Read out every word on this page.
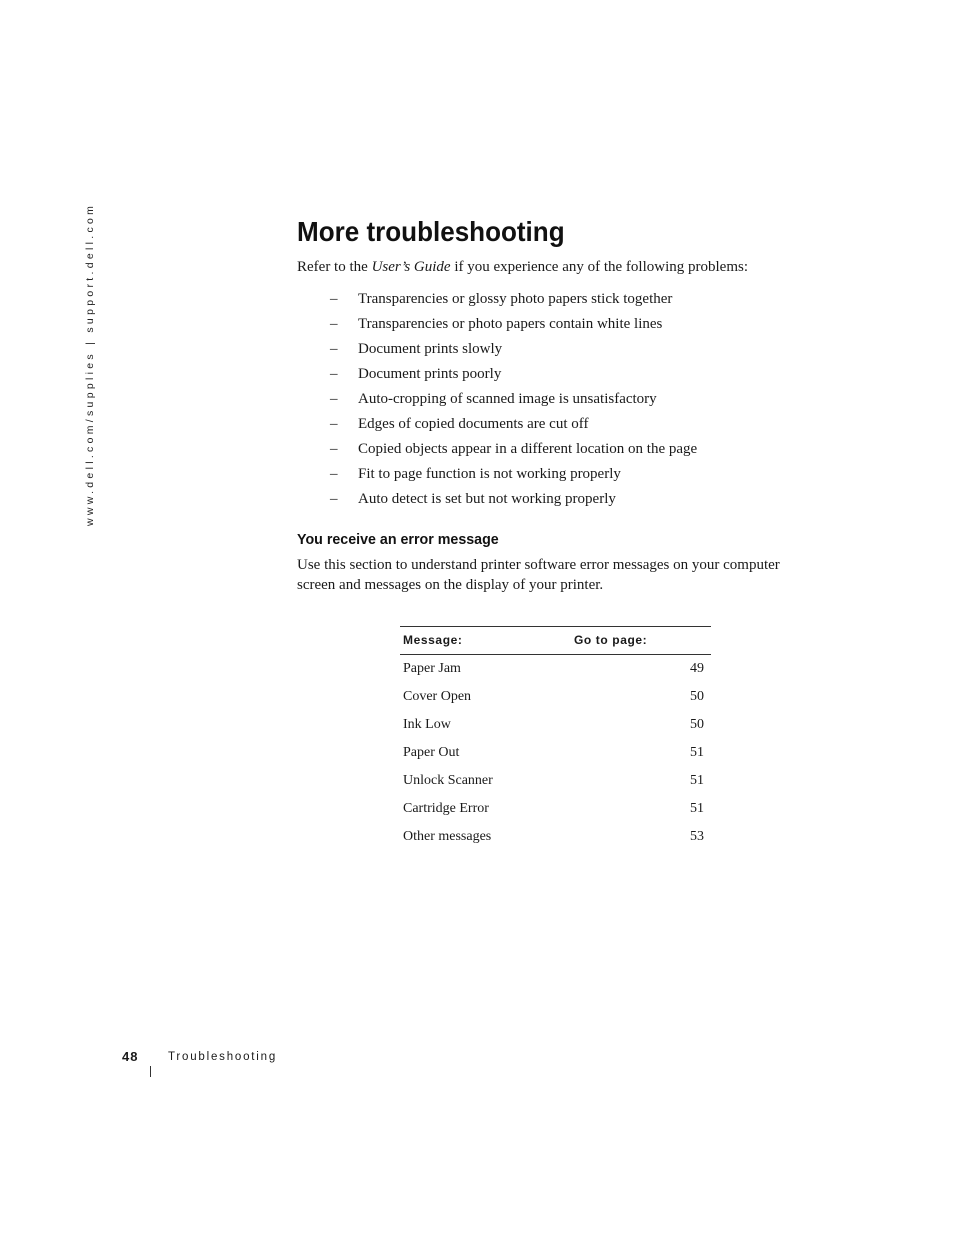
www.dell.com/supplies | support.dell.com	More troubleshooting

Refer to the User’s Guide if you experience any of the following problems:

– Transparencies or glossy photo papers stick together
– Transparencies or photo papers contain white lines
– Document prints slowly
– Document prints poorly
– Auto-cropping of scanned image is unsatisfactory
– Edges of copied documents are cut off
– Copied objects appear in a different location on the page
– Fit to page function is not working properly
– Auto detect is set but not working properly
You receive an error message

Use this section to understand printer software error messages on your computer screen and messages on the display of your printer.

Message:	Go to page:
Paper Jam	49
Cover Open	50
Ink Low	50
Paper Out	51
Unlock Scanner	51
Cartridge Error	51
Other messages	53
48	Troubleshooting
